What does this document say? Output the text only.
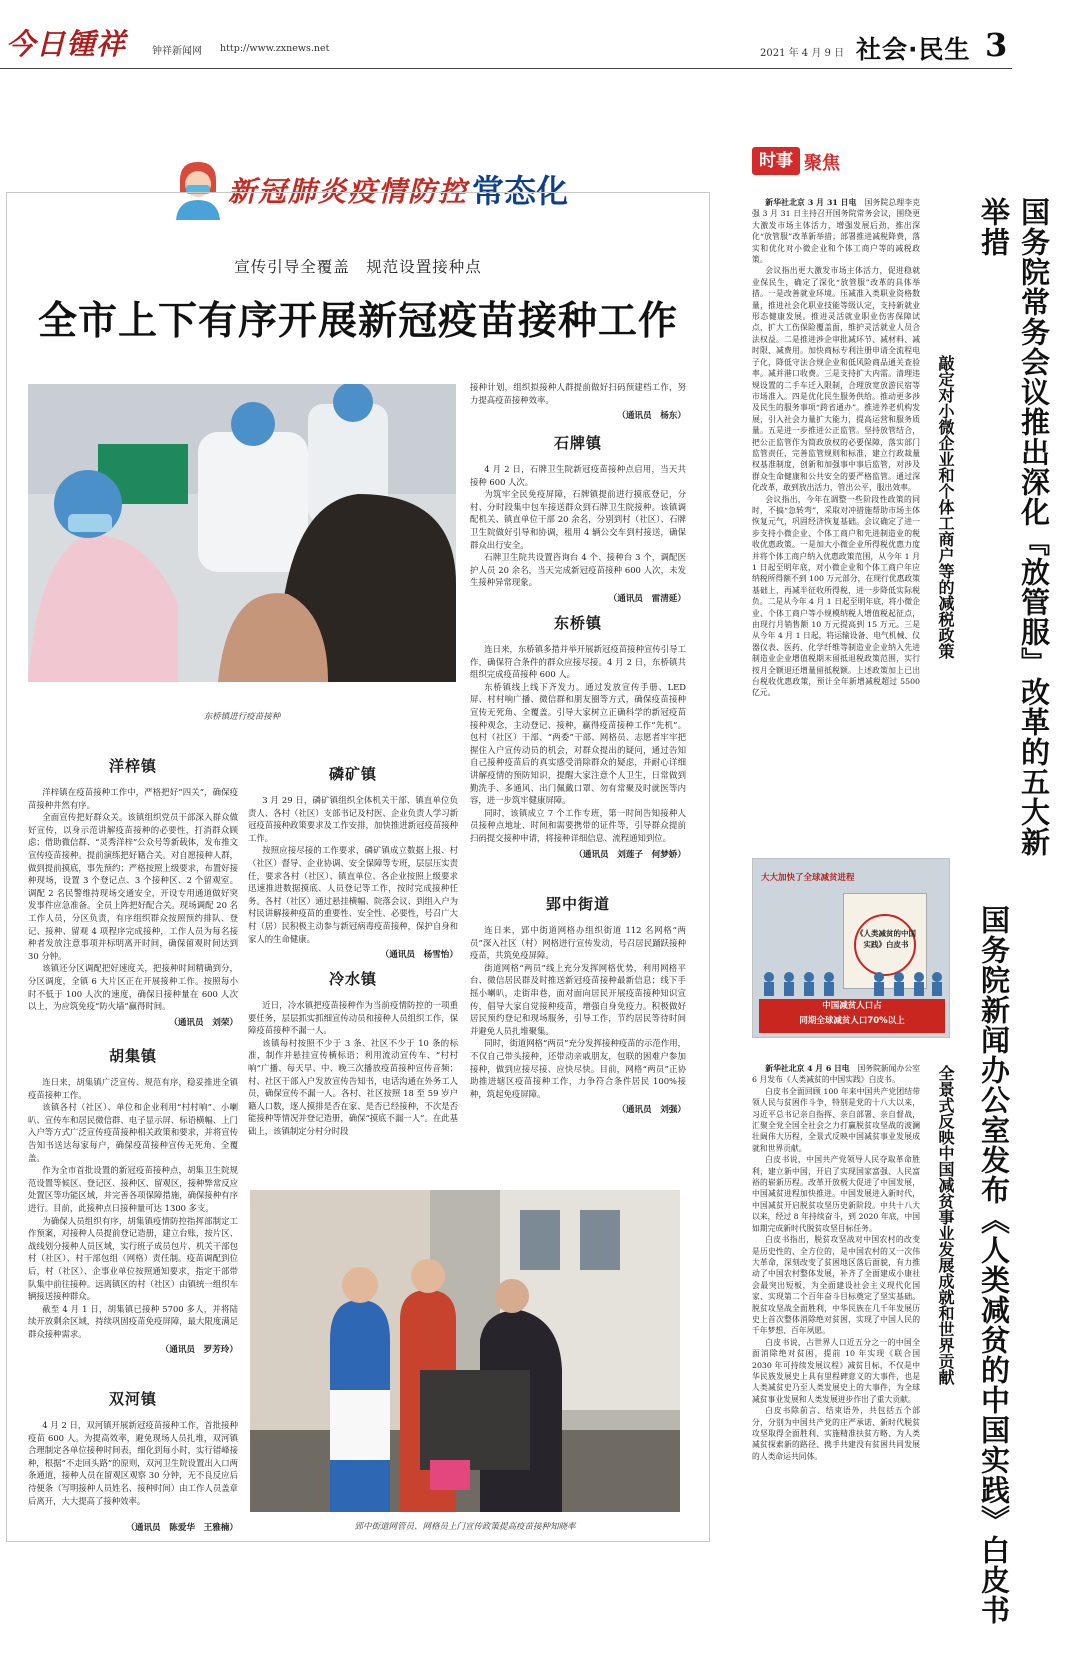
今日锺祥	钟祥新闻网 http://www.zxnews.net	2021 年 4 月 9 日 社会·民生 3
新冠肺炎疫情防控 常态化
宣传引导全覆盖　规范设置接种点
全市上下有序开展新冠疫苗接种工作
东桥镇进行疫苗接种

接种计划，组织拟接种人群提前做好扫码预建档工作，努力提高疫苗接种效率。

（通讯员　杨东）

石牌镇

4 月 2 日，石牌卫生院新冠疫苗接种点启用，当天共接种 600 人次。

为筑牢全民免疫屏障，石牌镇提前进行摸底登记，分村、分时段集中包车接送群众到石牌卫生院接种。该镇调配机关、镇直单位干部 20 余名，分别到村（社区）、石牌卫生院做好引导和协调，租用 4 辆公交车到村接送，确保群众出行安全。

石牌卫生院共设置咨询台 4 个、接种台 3 个，调配医护人员 20 余名，当天完成新冠疫苗接种 600 人次，未发生接种异常现象。

（通讯员　雷清延）

东桥镇

连日来，东桥镇多措并举开展新冠疫苗接种宣传引导工作，确保符合条件的群众应接尽接。4 月 2 日，东桥镇共组织完成疫苗接种 600 人。

东桥镇线上线下齐发力。通过发放宣传手册、LED 屏、村村响广播、微信群和朋友圈等方式，确保疫苗接种宣传无死角、全覆盖。引导大家树立正确科学的新冠疫苗接种观念，主动登记、接种，赢得疫苗接种工作“先机”。包村（社区）干部、“两委”干部、网格员、志愿者牢牢把握住入户宣传动员的机会，对群众提出的疑问，通过告知自己接种疫苗后的真实感受消除群众的疑虑，并耐心详细讲解疫情的预防知识，提醒大家注意个人卫生，日常做到勤洗手、多通风、出门佩戴口罩、勿有常聚及时就医等内容，进一步筑牢健康屏障。

同时，该镇成立 7 个工作专班，第一时间告知接种人员接种点地址、时间和需要携带的证件等，引导群众提前扫码提交接种申请，将接种详细信息、流程通知到位。

（通讯员　刘莲子　何梦娇）

郢中街道

连日来，郢中街道网格办组织街道 112 名网格“两员”深入社区（村）网格进行宣传发动，号召居民踊跃接种疫苗，共筑免疫屏障。

街道网格“两员”线上充分发挥网格优势，利用网格平台、微信居民群及时推送新冠疫苗接种最新信息；线下手摇小喇叭，走街串巷，面对面向居民开展疫苗接种知识宣传，倡导大家自觉接种疫苗，增强自身免疫力。积极做好居民预约登记和现场服务，引导工作，节约居民等待时间并避免人员扎堆聚集。

同时，街道网格“两员”充分发挥接种疫苗的示范作用，不仅自己带头接种，还带动亲戚朋友，包联的困难户参加接种，做到应接尽接、应快尽快。目前，网格“两员”正协助推进辖区疫苗接种工作，力争符合条件居民 100%接种，筑起免疫屏障。

（通讯员　刘强）

洋梓镇

洋梓镇在疫苗接种工作中，严格把好“四关”，确保疫苗接种井然有序。

全面宣传把好群众关。该镇组织党员干部深入群众做好宣传，以身示范讲解疫苗接种的必要性，打消群众顾虑；借助微信群、“灵秀洋梓”公众号等新载体，发布推文宣传疫苗接种。提前演练把好籍合关。对自愿接种人群，做到提前摸底，事先预约；严格按照上级要求，布置好接种现场，设置 3 个登记点、3 个接种区、2 个留观室。调配 2 名民警维持现场交通安全，开设专用通道做好突发事件应急准备。全员上阵把好配合关。现场调配 20 名工作人员，分区负责，有序组织群众按照预约排队、登记、接种、留观 4 项程序完成接种，工作人员为每名接种者发放注意事项并标明离开时间，确保留观时间达到 30 分钟。

该镇还分区调配把好速度关，把接种时间精确到分，分区调度，全镇 6 大片区正在开展接种工作。按照每小时不低于 100 人次的速度，确保日接种量在 600 人次以上，为应筑免疫“防火墙”赢得时间。

（通讯员　刘荣）

胡集镇

连日来，胡集镇广泛宣传、规范有序，稳妥推进全镇疫苗接种工作。

该镇各村（社区）、单位和企业利用“村村响”、小喇叭、宣传车和居民微信群、电子显示屏、标语横幅、上门入户等方式广泛宣传疫苗接种相关政策和要求，并将宣传告知书送达每家每户，确保疫苗接种宣传无死角、全覆盖。

作为全市首批设置的新冠疫苗接种点，胡集卫生院规范设置等候区、登记区、接种区、留观区，接种弊常反应处置区等功能区域，并完善各项保障措施，确保接种有序进行。目前，此接种点日接种量可达 1300 多支。

为确保人员组织有序，胡集镇疫情防控指挥部制定工作预案，对接种人员提前登记造册，建立台账，按片区、战线划分接种人员区域，实行班子成员包片、机关干部包村（社区）、村干部包组（网格）责任制。疫苗调配到位后，村（社区）、企事业单位按照通知要求，指定干部带队集中前往接种。远离镇区的村（社区）由镇统一组织车辆接送接种群众。

截至 4 月 1 日，胡集镇已接种 5700 多人，并将陆续开放剩余区域，持续巩固疫苗免疫屏障，最大限度满足群众接种需求。

（通讯员　罗芳玲）

双河镇

4 月 2 日，双河镇开展新冠疫苗接种工作，首批接种疫苗 600 人。为提高效率，避免现场人员扎堆，双河镇合理制定各单位接种时间表，细化到每小时，实行错峰接种，根据“不走回头路”的原则，双河卫生院设置出入口两条通道，接种人员在留观区观察 30 分钟，无不良反应后待便条（写明接种人员姓名、接种时间）由工作人员盖章后离开，大大提高了接种效率。

（通讯员　陈爱华　王雅楠）

磷矿镇

3 月 29 日，磷矿镇组织全体机关干部、镇直单位负责人、各村（社区）支部书记及村医、企业负责人学习新冠疫苗接种政策要求及工作安排，加快推进新冠疫苗接种工作。

按照应接尽接的工作要求，磷矿镇成立数据上报、村（社区）督导、企业协调、安全保障等专班，层层压实责任，要求各村（社区）、镇直单位、各企业按照上级要求迅速推进数据摸底、人员登记等工作，按时完成接种任务。各村（社区）通过悬挂横幅、院落会议、到组入户为村民讲解接种疫苗的重要性、安全性、必要性，号召广大村（居）民积极主动参与新冠病毒疫苗接种，保护自身和家人的生命健康。

（通讯员　杨雪怡）

冷水镇

近日，冷水镇把疫苗接种作为当前疫情防控的一项重要任务，层层抓实抓细宣传动员和接种人员组织工作，保障疫苗接种不漏一人。

该镇每村按照不少于 3 条、社区不少于 10 条的标准，制作并悬挂宣传横标语；利用流动宣传车、“村村响”广播、每天早、中、晚三次播放疫苗接种宣传音频；村、社区干部入户发放宣传告知书，电话沟通在外务工人员，确保宣传不漏一人。各村、社区按照 18 至 59 岁户籍人口数，逐人摸排是否在家、是否已经接种，不次是否能接种等情况并登记造册，确保“摸底不漏一人”。在此基础上，该镇制定分村分时段

郢中街道网管员、网格员上门宣传政策提高疫苗接种知晓率
时事 聚焦

新华社北京 3 月 31 日电　 国务院总理李克强 3 月 31 日主持召开国务院常务会议，围绕更大激发市场主体活力，增强发展后劲，推出深化“放管服”改革新举措；部署推进减税降费，落实和优化对小微企业和个体工商户等的减税政策。

会议指出更大激发市场主体活力，促进稳就业保民生，确定了深化“放管服”改革的具体举措。一是改善就业环境。压减准入类职业资格数量，推进社会化职业技能等级认定，支持新就业形态健康发展。推进灵活就业职业伤害保障试点，扩大工伤保险覆盖面，维护灵活就业人员合法权益。二是推进涉企审批减环节、减材料、减时限、减费用。加快商标专利注册申请全流程电子化，降低守法合规企业和低风险商品通关查验率。减并港口收费。三是支持扩大内需。清理违规设置的二手车迁入限制，合理放宽放游民宿等市场准入。四是优化民生服务供给。推动更多涉及民生的服务事项“跨省通办”。推进养老机构发展，引入社会力量扩大能力，提高运营和服务质量。五是进一步推进公正监管。坚持放管结合，把公正监管作为简政放权的必要保障，落实部门监管责任，完善监管规则和标准，建立行政裁量权基准制度，创新和加强事中事后监管，对涉及群众生命健康和公共安全的要严格监管。通过深化改革，敢到放出活力，管出公平，服出效率。

会议指出，今年在调整一些阶段性政策的同时，不搞“急转弯”，采取对冲措施帮助市场主体恢复元气，巩固经济恢复基础。会议确定了进一步支持小微企业、个体工商户和先进制造业的税收优惠政策。一是加大小微企业所得税优惠力度并将个体工商户纳入优惠政策范围，从今年 1 月 1 日起至明年底，对小微企业和个体工商户年应纳税所得额不到 100 万元部分，在现行优惠政策基础上，再减半征收所得税，进一步降低实际税负。二是从今年 4 月 1 日起至明年底，将小微企业、个体工商户等小规模纳税人增值税起征点，由现行月销售额 10 万元提高到 15 万元。三是从今年 4 月 1 日起，将运输设备、电气机械、仪器仪表、医药、化学纤维等制造业企业纳入先进制造业企业增值税期末留抵退税政策范围，实行按月全额退还增量留抵税额。上述政策加上已出台税收优惠政策，预计全年新增减税超过 5500 亿元。

大大加快了全球减贫进程
《人类减贫的中国实践》白皮书
中国减贫人口占
同期全球减贫人口70%以上

新华社北京 4 月 6 日电　 国务院新闻办公室 6 月发布《人类减贫的中国实践》白皮书。

白皮书全面回顾 100 年来中国共产党团结带领人民与贫困作斗争，特别是党的十八大以来，习近平总书记亲自指挥、亲自部署、亲自督战，汇聚全党全国全社会之力打赢脱贫攻坚战的波澜壮阔伟大历程，全景式反映中国减贫事业发展成就和世界贡献。

白皮书说，中国共产党领导人民夺取革命胜利，建立新中国，开启了实现国家富强、人民富裕的崭新历程。改革开放极大促进了中国发展，中国减贫进程加快推进。中国发展进入新时代，中国减贫开启脱贫攻坚历史新阶段。中共十八大以来，经过 8 年持续奋斗，到 2020 年底，中国如期完成新时代脱贫攻坚目标任务。

白皮书指出，脱贫攻坚战对中国农村的改变是历史性的、全方位的，是中国农村的又一次伟大革命，深刻改变了贫困地区落后面貌，有力推动了中国农村整体发展，补齐了全面建成小康社会最突出短板，为全面建设社会主义现代化国家、实现第二个百年奋斗目标奠定了坚实基础。脱贫攻坚战全面胜利，中华民族在几千年发展历史上首次整体消除绝对贫困，实现了中国人民的千年梦想、百年夙愿。

白皮书说，占世界人口近五分之一的中国全面消除绝对贫困，提前 10 年实现《联合国 2030 年可持续发展议程》减贫目标，不仅是中华民族发展史上具有里程碑意义的大事件，也是人类减贫史乃至人类发展史上的大事件，为全球减贫事业发展和人类发展进步作出了重大贡献。

白皮书除前言、结束语外，共包括五个部分，分别为中国共产党的庄严承诺、新时代脱贫攻坚取得全面胜利、实施精准扶贫方略、为人类减贫探索新的路径、携手共建没有贫困共同发展的人类命运共同体。

国务院常务会议推出深化『放管服』改革的五大新举措
敲定对小微企业和个体工商户等的减税政策
国务院新闻办公室发布《人类减贫的中国实践》白皮书
全景式反映中国减贫事业发展成就和世界贡献
